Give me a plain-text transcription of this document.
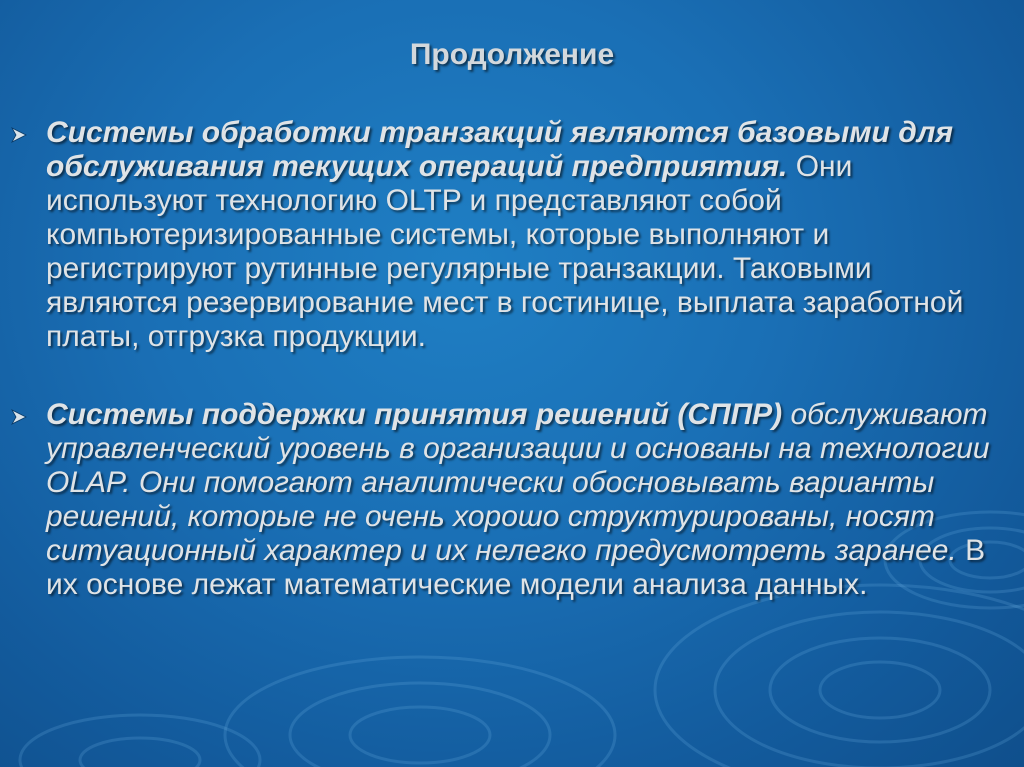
Продолжение

Системы обработки транзакций являются базовыми для обслуживания текущих операций предприятия. Они используют технологию OLTP и представляют собой компьютеризированные системы, которые выполняют и регистрируют рутинные регулярные транзакции. Таковыми являются резервирование мест в гостинице, выплата заработной платы, отгрузка продукции.

Системы поддержки принятия решений (СППР) обслуживают управленческий уровень в организации и основаны на технологии OLAP. Они помогают аналитически обосновывать варианты решений, которые не очень хорошо структурированы, носят ситуационный характер и их нелегко предусмотреть заранее. В их основе лежат математические модели анализа данных.
